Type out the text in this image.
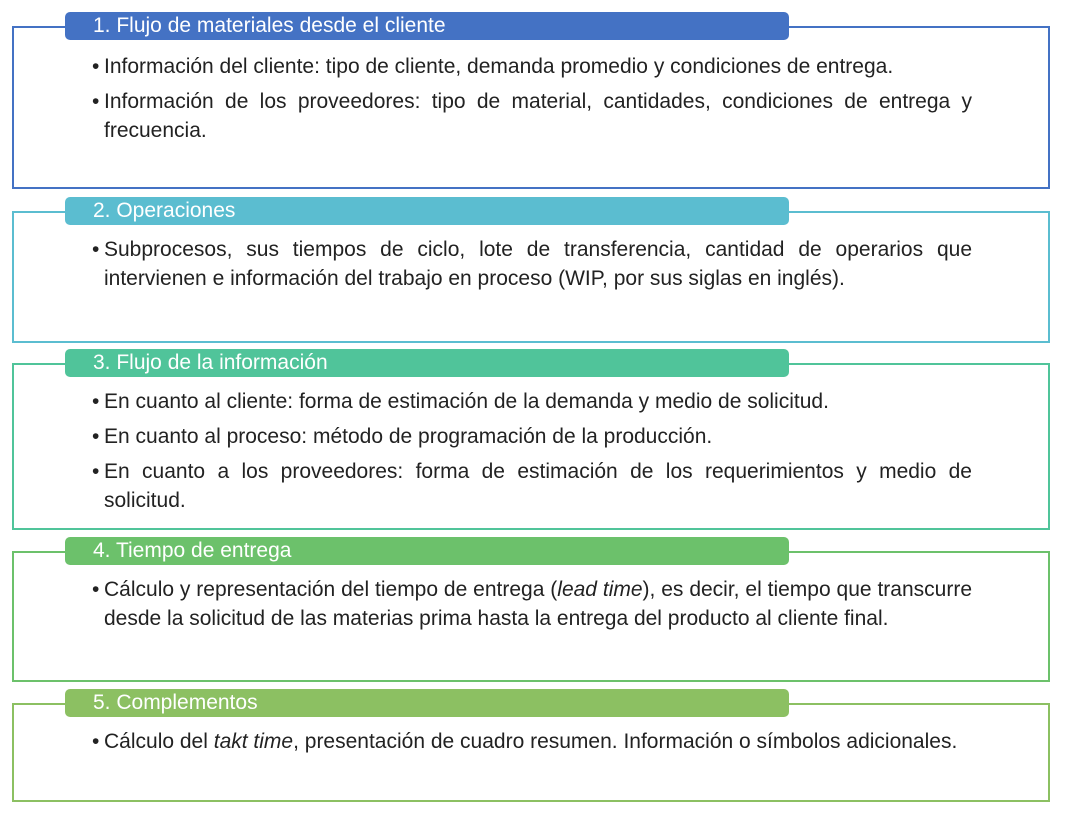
1. Flujo de materiales desde el cliente
• Información del cliente: tipo de cliente, demanda promedio y condiciones de entrega.
• Información de los proveedores: tipo de material, cantidades, condiciones de entrega y frecuencia.
2. Operaciones
• Subprocesos, sus tiempos de ciclo, lote de transferencia, cantidad de operarios que intervienen e información del trabajo en proceso (WIP, por sus siglas en inglés).
3. Flujo de la información
• En cuanto al cliente: forma de estimación de la demanda y medio de solicitud.
• En cuanto al proceso: método de programación de la producción.
• En cuanto a los proveedores: forma de estimación de los requerimientos y medio de solicitud.
4. Tiempo de entrega
• Cálculo y representación del tiempo de entrega (lead time), es decir, el tiempo que transcurre desde la solicitud de las materias prima hasta la entrega del producto al cliente final.
5. Complementos
• Cálculo del takt time, presentación de cuadro resumen. Información o símbolos adicionales.
